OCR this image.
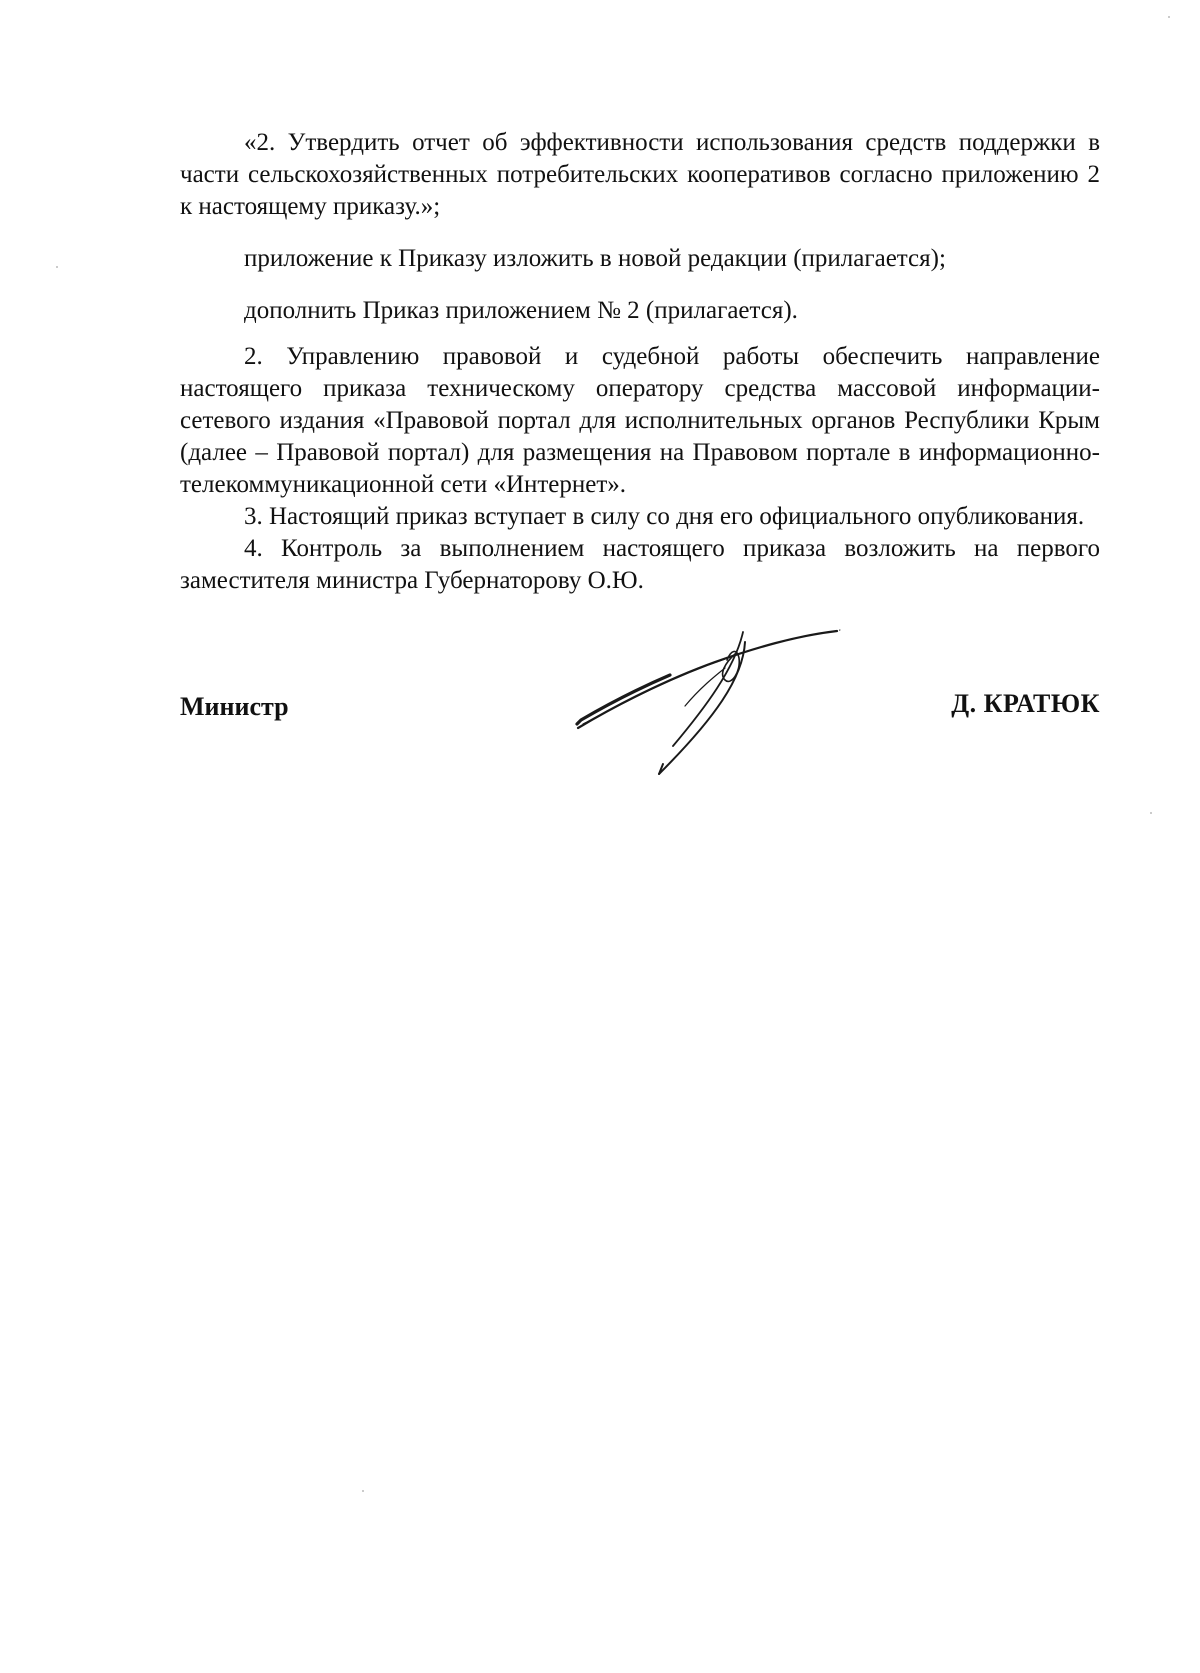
«2. Утвердить отчет об эффективности использования средств поддержки в части сельскохозяйственных потребительских кооперативов согласно приложению 2 к настоящему приказу.»;

приложение к Приказу изложить в новой редакции (прилагается);

дополнить Приказ приложением № 2 (прилагается).

2. Управлению правовой и судебной работы обеспечить направление настоящего приказа техническому оператору средства массовой информации-сетевого издания «Правовой портал для исполнительных органов Республики Крым (далее – Правовой портал) для размещения на Правовом портале в информационно-телекоммуникационной сети «Интернет».

3. Настоящий приказ вступает в силу со дня его официального опубликования.

4. Контроль за выполнением настоящего приказа возложить на первого заместителя министра Губернаторову О.Ю.

Министр	Д. КРАТЮК
